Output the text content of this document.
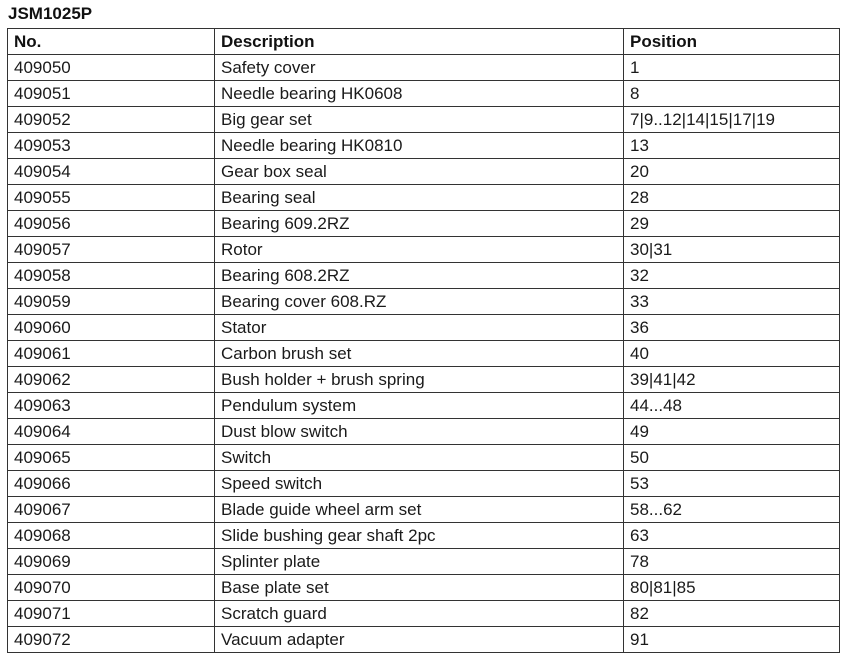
JSM1025P
No.	Description	Position
409050	Safety cover	1
409051	Needle bearing HK0608	8
409052	Big gear set	7|9..12|14|15|17|19
409053	Needle bearing HK0810	13
409054	Gear box seal	20
409055	Bearing seal	28
409056	Bearing 609.2RZ	29
409057	Rotor	30|31
409058	Bearing 608.2RZ	32
409059	Bearing cover 608.RZ	33
409060	Stator	36
409061	Carbon brush set	40
409062	Bush holder + brush spring	39|41|42
409063	Pendulum system	44...48
409064	Dust blow switch	49
409065	Switch	50
409066	Speed switch	53
409067	Blade guide wheel arm set	58...62
409068	Slide bushing gear shaft 2pc	63
409069	Splinter plate	78
409070	Base plate set	80|81|85
409071	Scratch guard	82
409072	Vacuum adapter	91
